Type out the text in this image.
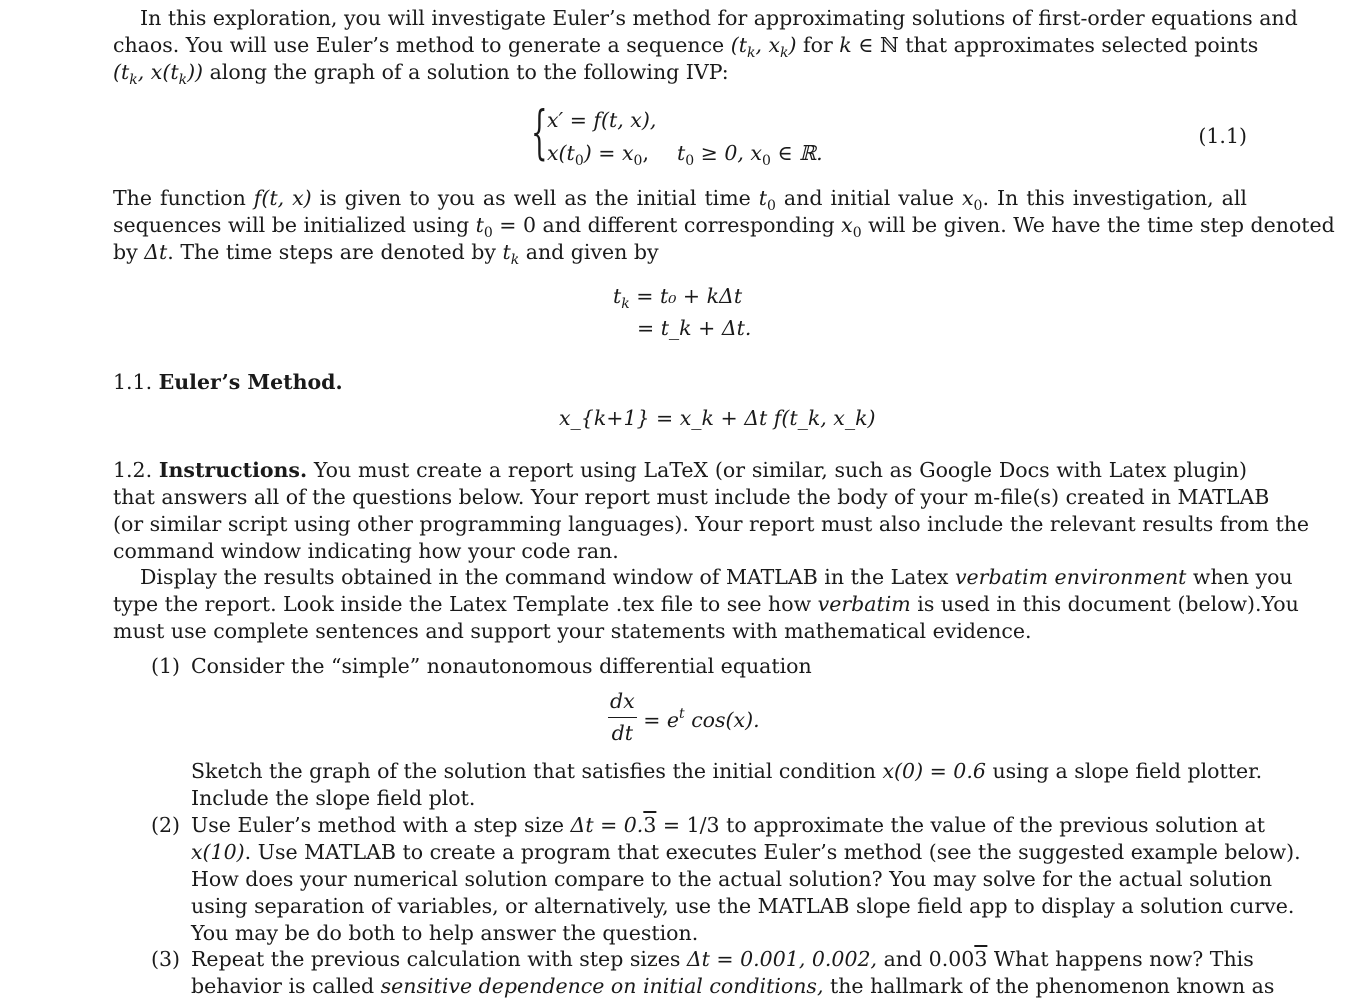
In this exploration, you will investigate Euler’s method for approximating solutions of first-order equations and
chaos. You will use Euler’s method to generate a sequence ($t_k$, $x_k$) for k ∈ ℕ that approximates selected points
($t_k$, $x(t_k)$) along the graph of a solution to the following IVP:
{ x′ = f(t, x),
$x(t_0) = x_0$, $t_0 \ge 0$, $x_0$ ∈ ℝ.
(1.1)
The function f(t, x) is given to you as well as the initial time $t_0$ and initial value $x_0$. In this investigation, all
sequences will be initialized using $t_0 = 0$ and different corresponding $x_0$ will be given. We have the time step denoted
by Δt. The time steps are denoted by $t_k$ and given by
$t_k = t_0 + k\Delta t$
= t_k + Δt.
1.1. Euler’s Method.
x_{k+1} = x_k + Δt f(t_k, x_k)
1.2. Instructions. You must create a report using LaTeX (or similar, such as Google Docs with Latex plugin)
that answers all of the questions below. Your report must include the body of your m-file(s) created in MATLAB
(or similar script using other programming languages). Your report must also include the relevant results from the
command window indicating how your code ran.
Display the results obtained in the command window of MATLAB in the Latex verbatim environment when you
type the report. Look inside the Latex Template .tex file to see how verbatim is used in this document (below).You
must use complete sentences and support your statements with mathematical evidence.
(1) Consider the “simple” nonautonomous differential equation
$\frac{dx}{dt} = e^t$ cos(x).
Sketch the graph of the solution that satisfies the initial condition x(0) = 0.6 using a slope field plotter.
Include the slope field plot.
(2) Use Euler’s method with a step size Δt = 0.3 = 1/3 to approximate the value of the previous solution at
x(10). Use MATLAB to create a program that executes Euler’s method (see the suggested example below).
How does your numerical solution compare to the actual solution? You may solve for the actual solution
using separation of variables, or alternatively, use the MATLAB slope field app to display a solution curve.
You may be do both to help answer the question.
(3) Repeat the previous calculation with step sizes Δt = 0.001, 0.002, and 0.003 What happens now? This
behavior is called sensitive dependence on initial conditions, the hallmark of the phenomenon known as
